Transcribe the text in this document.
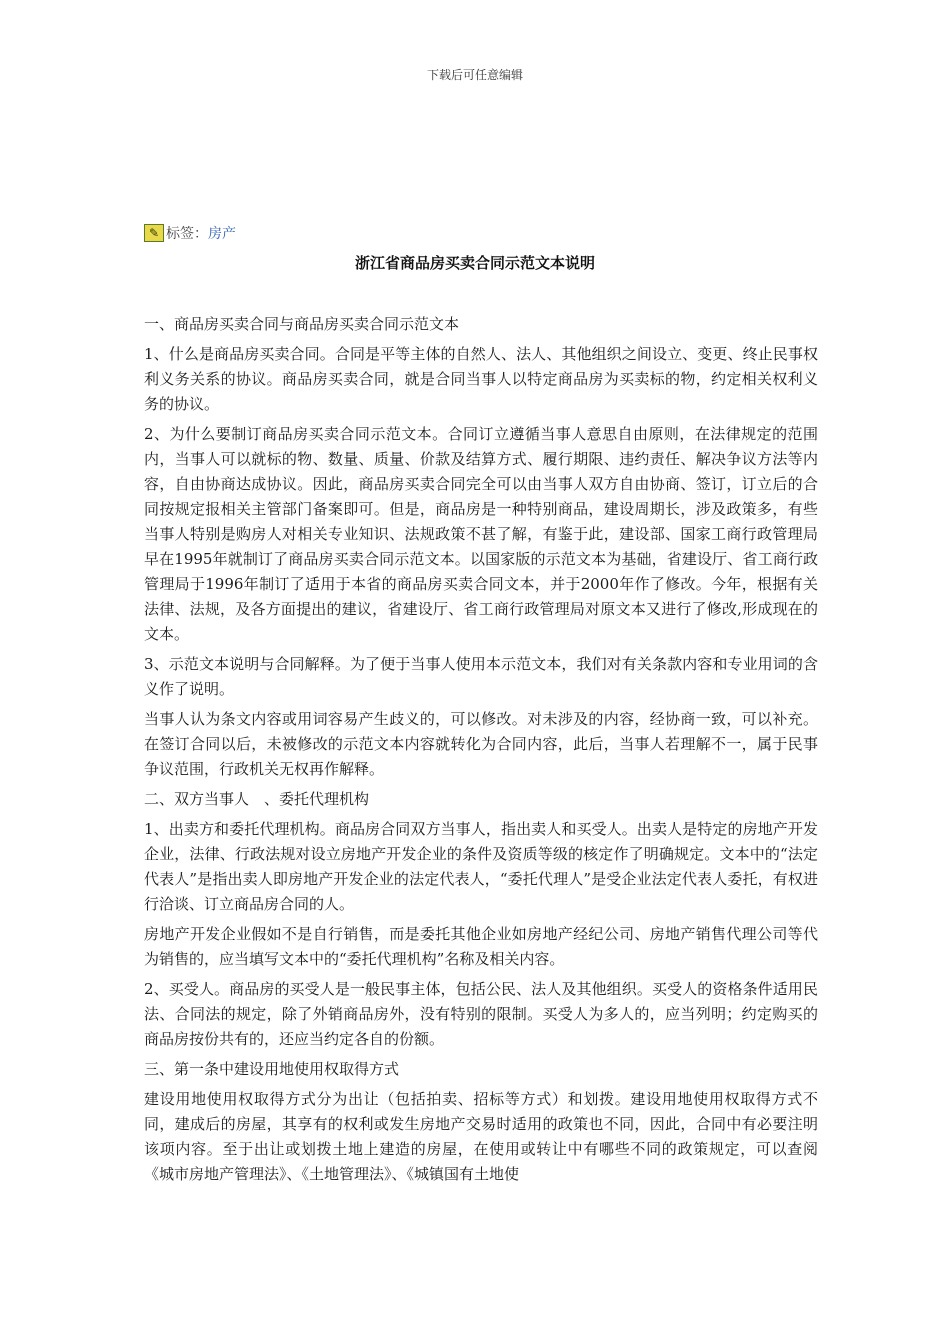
下载后可任意编辑
✎ 标签： 房产
浙江省商品房买卖合同示范文本说明

一、商品房买卖合同与商品房买卖合同示范文本

1、什么是商品房买卖合同。合同是平等主体的自然人、法人、其他组织之间设立、变更、终止民事权利义务关系的协议。商品房买卖合同，就是合同当事人以特定商品房为买卖标的物，约定相关权利义务的协议。

2、为什么要制订商品房买卖合同示范文本。合同订立遵循当事人意思自由原则，在法律规定的范围内，当事人可以就标的物、数量、质量、价款及结算方式、履行期限、违约责任、解决争议方法等内容，自由协商达成协议。因此，商品房买卖合同完全可以由当事人双方自由协商、签订，订立后的合同按规定报相关主管部门备案即可。但是，商品房是一种特别商品，建设周期长，涉及政策多，有些当事人特别是购房人对相关专业知识、法规政策不甚了解，有鉴于此，建设部、国家工商行政管理局早在1995年就制订了商品房买卖合同示范文本。以国家版的示范文本为基础，省建设厅、省工商行政管理局于1996年制订了适用于本省的商品房买卖合同文本，并于2000年作了修改。今年，根据有关法律、法规，及各方面提出的建议，省建设厅、省工商行政管理局对原文本又进行了修改,形成现在的文本。

3、示范文本说明与合同解释。为了便于当事人使用本示范文本，我们对有关条款内容和专业用词的含义作了说明。

当事人认为条文内容或用词容易产生歧义的，可以修改。对未涉及的内容，经协商一致，可以补充。在签订合同以后，未被修改的示范文本内容就转化为合同内容，此后，当事人若理解不一，属于民事争议范围，行政机关无权再作解释。

二、双方当事人　、委托代理机构

1、出卖方和委托代理机构。商品房合同双方当事人，指出卖人和买受人。出卖人是特定的房地产开发企业，法律、行政法规对设立房地产开发企业的条件及资质等级的核定作了明确规定。文本中的“法定代表人”是指出卖人即房地产开发企业的法定代表人，“委托代理人”是受企业法定代表人委托，有权进行洽谈、订立商品房合同的人。

房地产开发企业假如不是自行销售，而是委托其他企业如房地产经纪公司、房地产销售代理公司等代为销售的，应当填写文本中的“委托代理机构”名称及相关内容。

2、买受人。商品房的买受人是一般民事主体，包括公民、法人及其他组织。买受人的资格条件适用民法、合同法的规定，除了外销商品房外，没有特别的限制。买受人为多人的，应当列明；约定购买的商品房按份共有的，还应当约定各自的份额。

三、第一条中建设用地使用权取得方式

建设用地使用权取得方式分为出让（包括拍卖、招标等方式）和划拨。建设用地使用权取得方式不同，建成后的房屋，其享有的权利或发生房地产交易时适用的政策也不同，因此，合同中有必要注明该项内容。至于出让或划拨土地上建造的房屋，在使用或转让中有哪些不同的政策规定，可以查阅《城市房地产管理法》、《土地管理法》、《城镇国有土地使
